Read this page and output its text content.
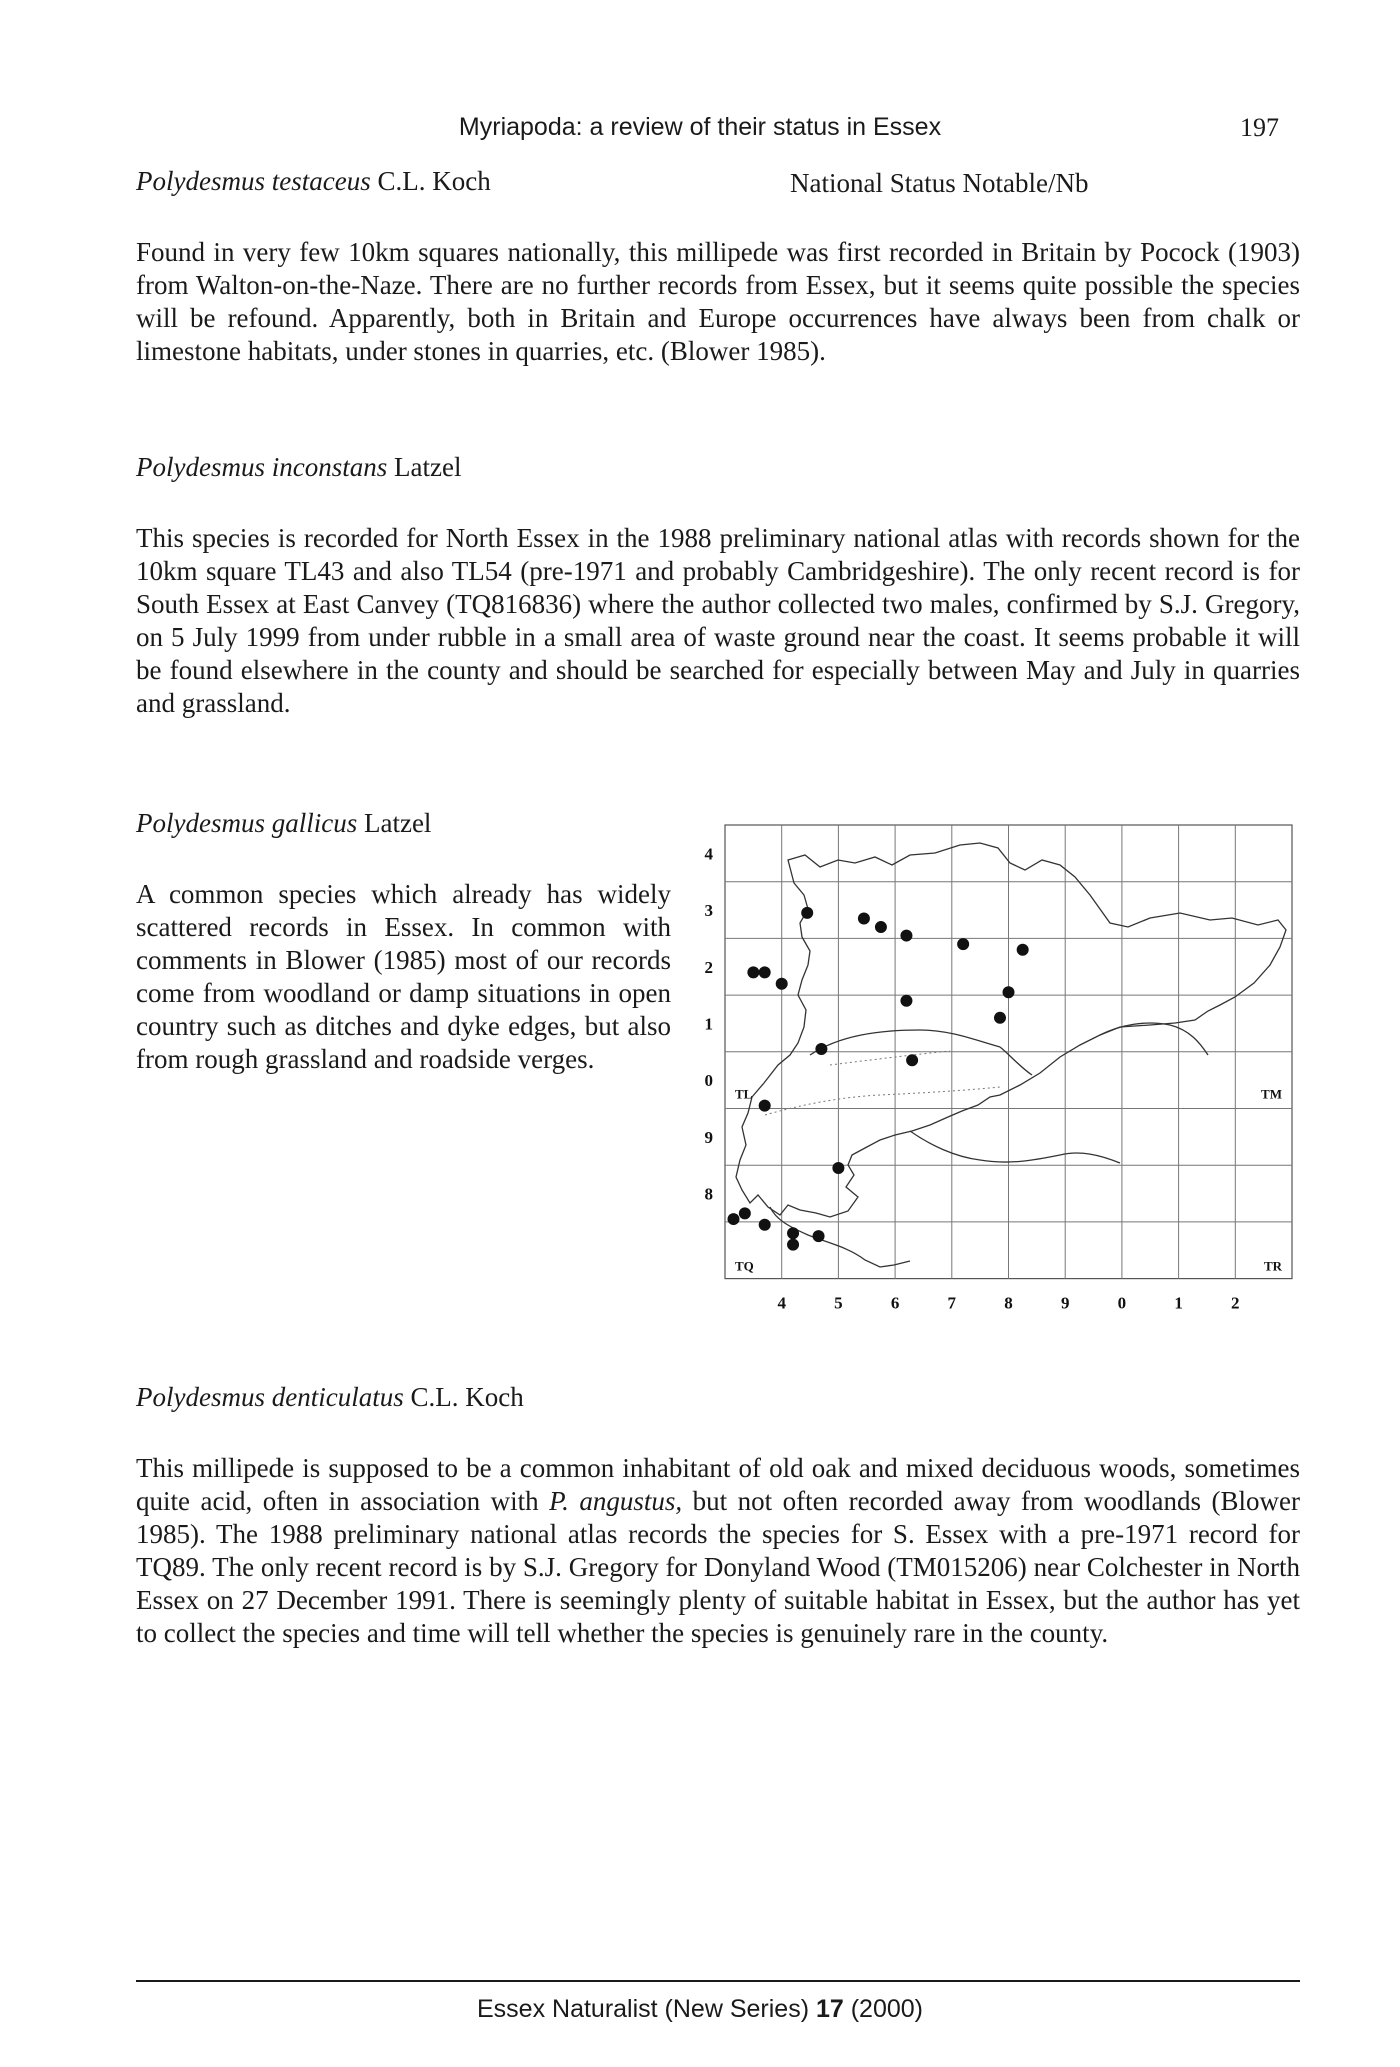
Myriapoda: a review of their status in Essex	197
Polydesmus testaceus C.L. Koch	National Status Notable/Nb
Found in very few 10km squares nationally, this millipede was first recorded in Britain by Pocock (1903) from Walton-on-the-Naze. There are no further records from Essex, but it seems quite possible the species will be refound. Apparently, both in Britain and Europe occurrences have always been from chalk or limestone habitats, under stones in quarries, etc. (Blower 1985).
Polydesmus inconstans Latzel
This species is recorded for North Essex in the 1988 preliminary national atlas with records shown for the 10km square TL43 and also TL54 (pre-1971 and probably Cambridgeshire). The only recent record is for South Essex at East Canvey (TQ816836) where the author collected two males, confirmed by S.J. Gregory, on 5 July 1999 from under rubble in a small area of waste ground near the coast. It seems probable it will be found elsewhere in the county and should be searched for especially between May and July in quarries and grassland.
Polydesmus gallicus Latzel
A common species which already has widely scattered records in Essex. In common with comments in Blower (1985) most of our records come from woodland or damp situations in open country such as ditches and dyke edges, but also from rough grassland and roadside verges.
4
3
2
1
0
9
8
4	5	6	7	8	9	0	1	2
TL	TM
TQ	TR
Polydesmus denticulatus C.L. Koch
This millipede is supposed to be a common inhabitant of old oak and mixed deciduous woods, sometimes quite acid, often in association with P. angustus, but not often recorded away from woodlands (Blower 1985). The 1988 preliminary national atlas records the species for S. Essex with a pre-1971 record for TQ89. The only recent record is by S.J. Gregory for Donyland Wood (TM015206) near Colchester in North Essex on 27 December 1991. There is seemingly plenty of suitable habitat in Essex, but the author has yet to collect the species and time will tell whether the species is genuinely rare in the county.
Essex Naturalist (New Series) 17 (2000)
